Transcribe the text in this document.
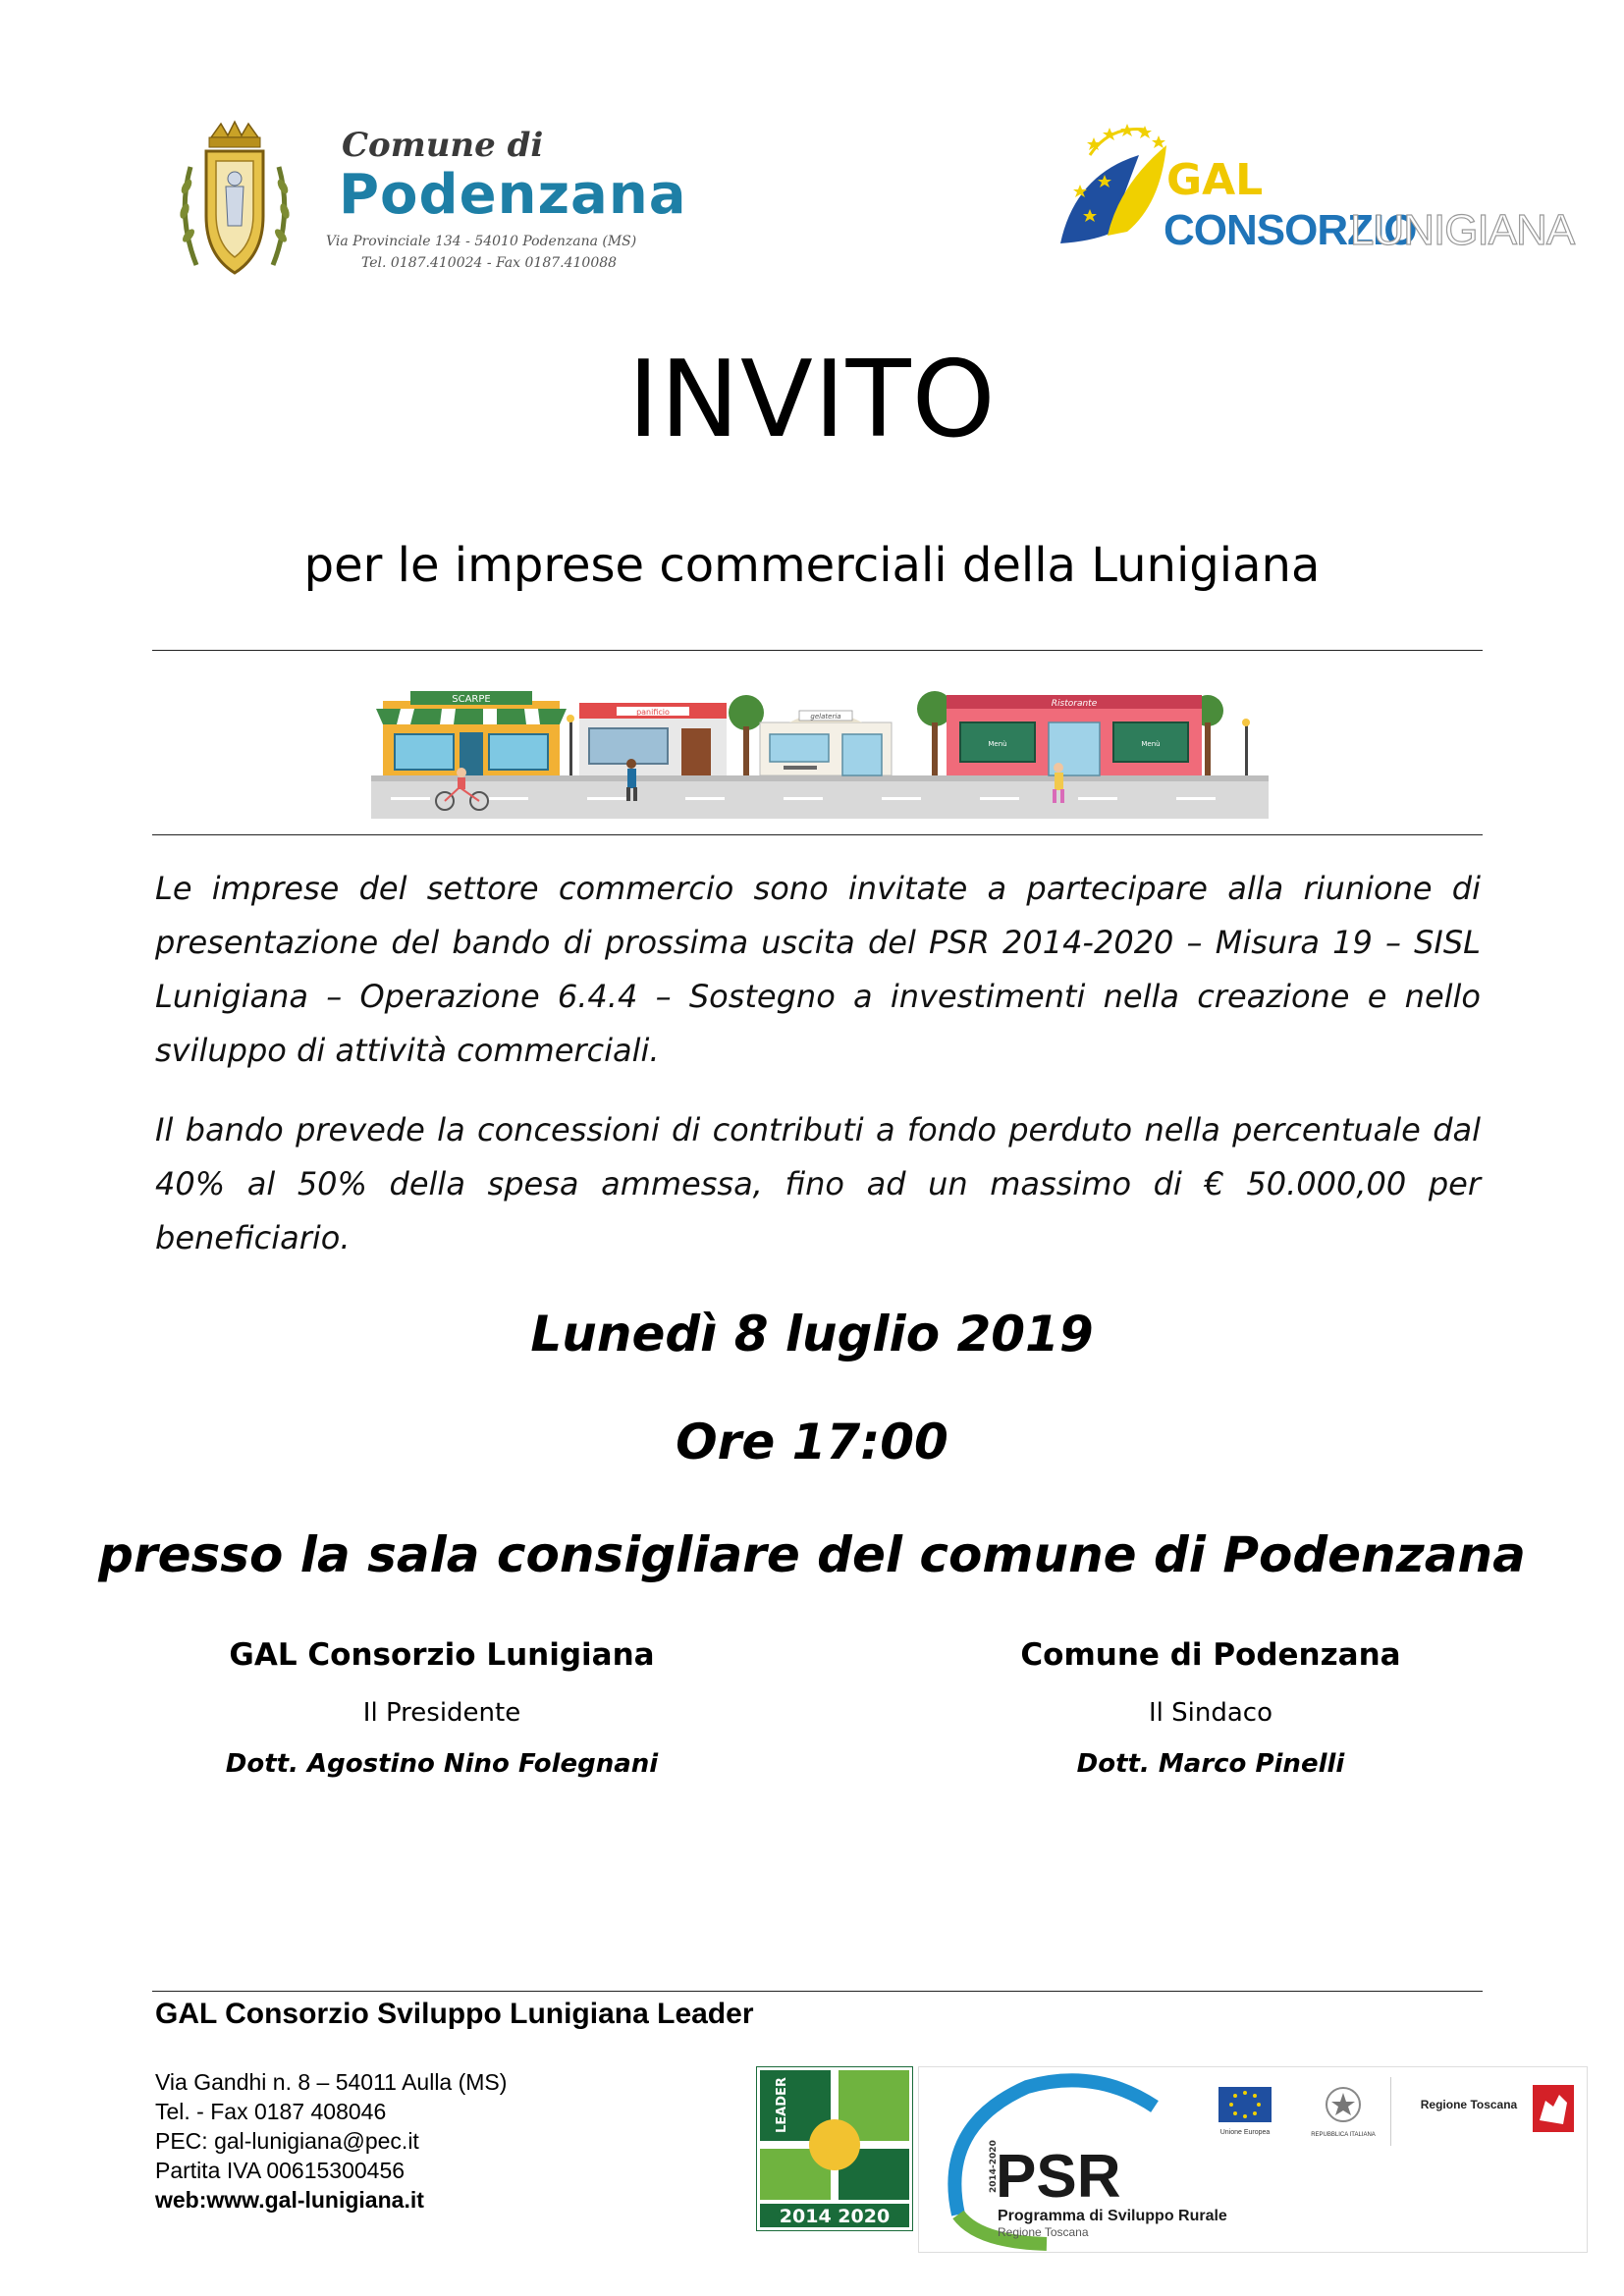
Comune di
Podenzana
Via Provinciale 134 - 54010 Podenzana (MS)
Tel. 0187.410024 - Fax 0187.410088
GAL
CONSORZIO
LUNIGIANA
INVITO
per le imprese commerciali della Lunigiana
SCARPE
panificio	gelateria
Ristorante
Menù	Menù
Le imprese del settore commercio sono invitate a partecipare alla riunione di presentazione del bando di prossima uscita del PSR 2014-2020 – Misura 19 – SISL Lunigiana – Operazione 6.4.4 – Sostegno a investimenti nella creazione e nello sviluppo di attività commerciali.
Il bando prevede la concessioni di contributi a fondo perduto nella percentuale dal 40% al 50% della spesa ammessa, fino ad un massimo di € 50.000,00 per beneficiario.
Lunedì 8 luglio 2019
Ore 17:00
presso la sala consigliare del comune di Podenzana
GAL Consorzio Lunigiana
Il Presidente
Dott. Agostino Nino Folegnani
Comune di Podenzana
Il Sindaco
Dott. Marco Pinelli
GAL Consorzio Sviluppo Lunigiana Leader
Via Gandhi n. 8 – 54011 Aulla (MS)
Tel. - Fax 0187 408046
PEC: gal-lunigiana@pec.it
Partita IVA 00615300456
web:www.gal-lunigiana.it
LEADER
2014 2020
2014-2020
PSR
Programma di Sviluppo Rurale
Regione Toscana
Unione Europea	REPUBBLICA ITALIANA
Regione Toscana
